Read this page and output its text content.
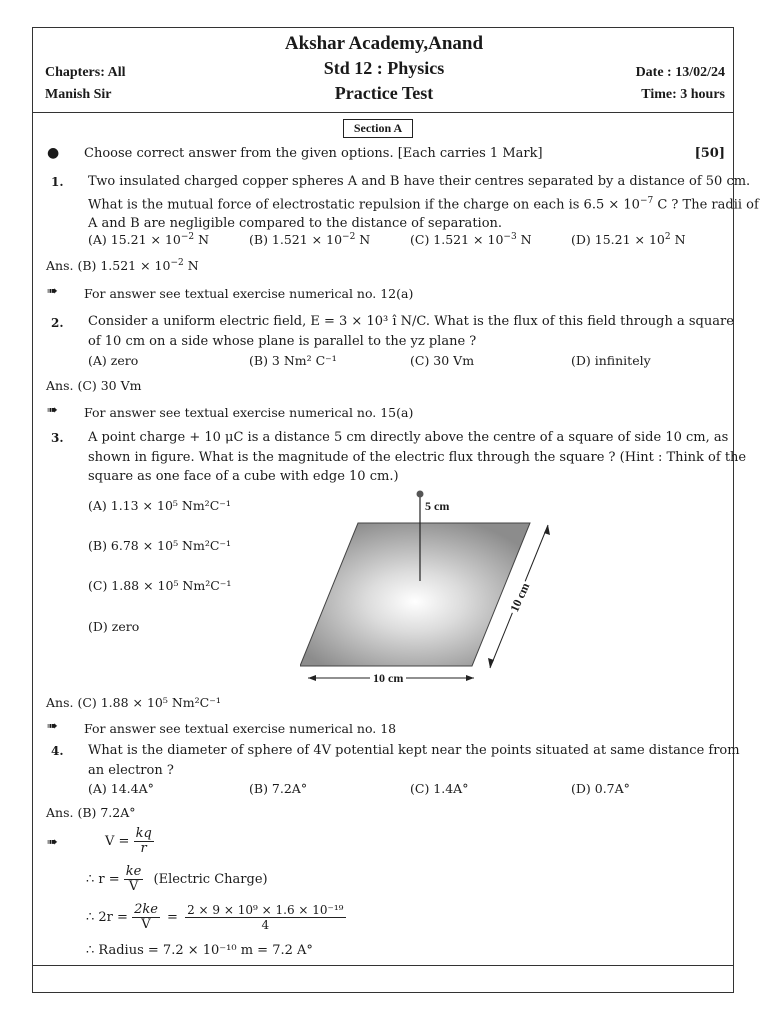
Akshar Academy,Anand
Std 12 : Physics
Practice Test
Chapters: All
Manish Sir
Date : 13/02/24
Time: 3 hours
Section A
● Choose correct answer from the given options. [Each carries 1 Mark]	[50]
1. Two insulated charged copper spheres A and B have their centres separated by a distance of 50 cm.
What is the mutual force of electrostatic repulsion if the charge on each is $6.5 \times 10^{-7}$ C ? The radii of
A and B are negligible compared to the distance of separation.
(A) $15.21 \times 10^{-2}$ N	(B) $1.521 \times 10^{-2}$ N	(C) $1.521 \times 10^{-3}$ N	(D) $15.21 \times 10^2$ N
Ans. (B) $1.521 \times 10^{-2}$ N
➠ For answer see textual exercise numerical no. 12(a)
2. Consider a uniform electric field, E = 3 × 10³ î N/C. What is the flux of this field through a square
of 10 cm on a side whose plane is parallel to the yz plane ?
(A) zero	(B) 3 Nm² C⁻¹	(C) 30 Vm	(D) infinitely
Ans. (C) 30 Vm
➠ For answer see textual exercise numerical no. 15(a)
3. A point charge + 10 μC is a distance 5 cm directly above the centre of a square of side 10 cm, as
shown in figure. What is the magnitude of the electric flux through the square ? (Hint : Think of the
square as one face of a cube with edge 10 cm.)
(A) 1.13 × 10⁵ Nm²C⁻¹
(B) 6.78 × 10⁵ Nm²C⁻¹
(C) 1.88 × 10⁵ Nm²C⁻¹
(D) zero
5 cm
10 cm
10 cm
Ans. (C) 1.88 × 10⁵ Nm²C⁻¹
➠ For answer see textual exercise numerical no. 18
4. What is the diameter of sphere of 4V potential kept near the points situated at same distance from
an electron ?
(A) 14.4A°	(B) 7.2A°	(C) 1.4A°	(D) 0.7A°
Ans. (B) 7.2A°
➠	$V = \frac{kq}{r}$
∴ $r = \frac{ke}{V}$ (Electric Charge)
∴ $2r = \frac{2ke}{V} = \frac{\text{2 × 9 × 10⁹ × 1.6 × 10⁻¹⁹}}{4}$
∴ Radius = 7.2 × 10⁻¹⁰ m = 7.2 A°
